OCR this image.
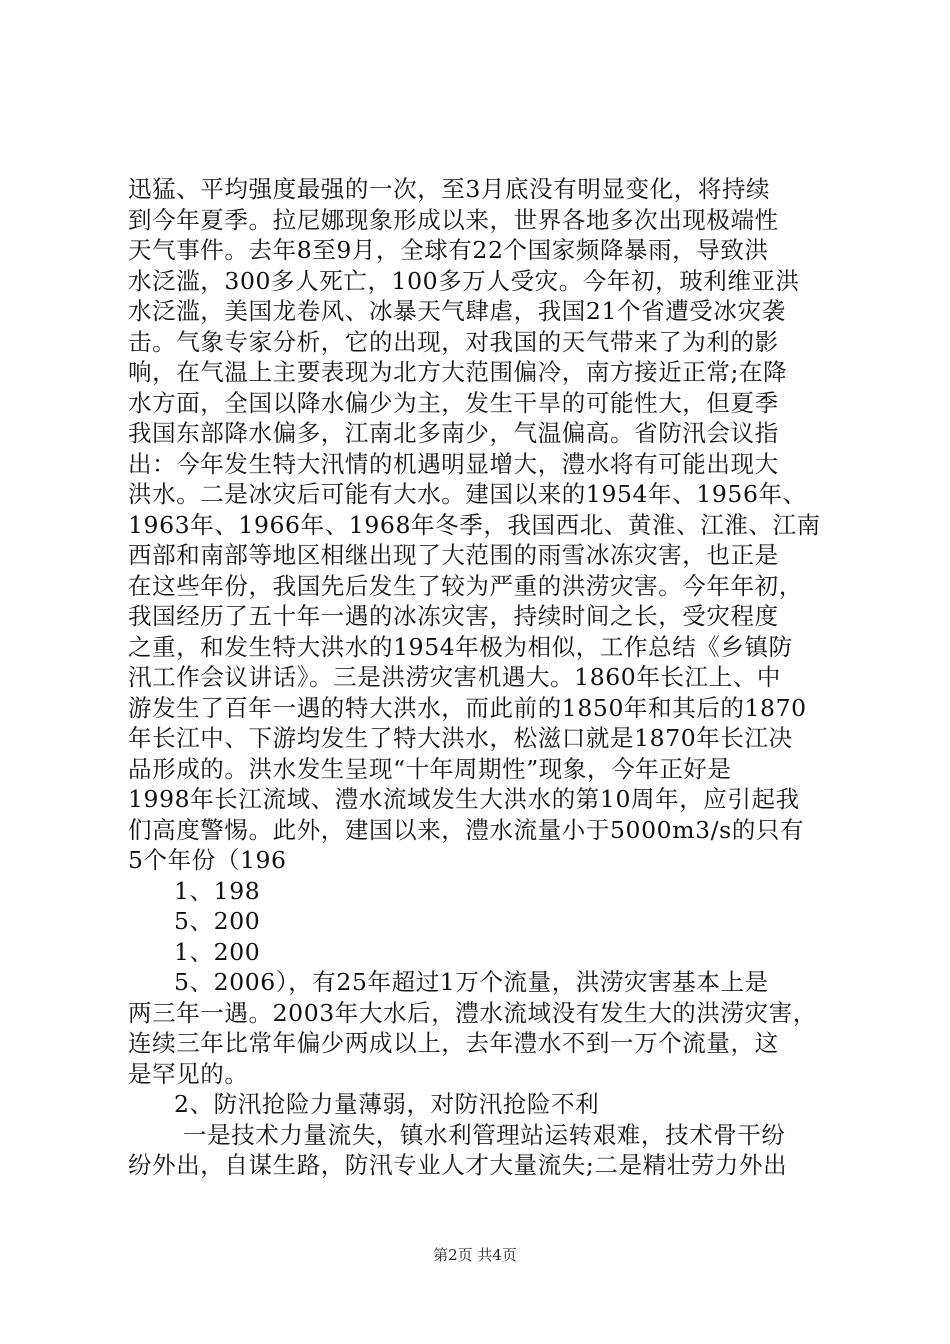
迅猛、平均强度最强的一次，至3月底没有明显变化，将持续
到今年夏季。拉尼娜现象形成以来，世界各地多次出现极端性
天气事件。去年8至9月，全球有22个国家频降暴雨，导致洪
水泛滥，300多人死亡，100多万人受灾。今年初，玻利维亚洪
水泛滥，美国龙卷风、冰暴天气肆虐，我国21个省遭受冰灾袭
击。气象专家分析，它的出现，对我国的天气带来了为利的影
响，在气温上主要表现为北方大范围偏冷，南方接近正常;在降
水方面，全国以降水偏少为主，发生干旱的可能性大，但夏季
我国东部降水偏多，江南北多南少，气温偏高。省防汛会议指
出：今年发生特大汛情的机遇明显增大，澧水将有可能出现大
洪水。二是冰灾后可能有大水。建国以来的1954年、1956年、
1963年、1966年、1968年冬季，我国西北、黄淮、江淮、江南
西部和南部等地区相继出现了大范围的雨雪冰冻灾害，也正是
在这些年份，我国先后发生了较为严重的洪涝灾害。今年年初，
我国经历了五十年一遇的冰冻灾害，持续时间之长，受灾程度
之重，和发生特大洪水的1954年极为相似，工作总结《乡镇防
汛工作会议讲话》。三是洪涝灾害机遇大。1860年长江上、中
游发生了百年一遇的特大洪水，而此前的1850年和其后的1870
年长江中、下游均发生了特大洪水，松滋口就是1870年长江决
品形成的。洪水发生呈现“十年周期性”现象，今年正好是
1998年长江流域、澧水流域发生大洪水的第10周年，应引起我
们高度警惕。此外，建国以来，澧水流量小于5000m3/s的只有
5个年份（196
1、198
5、200
1、200
5、2006），有25年超过1万个流量，洪涝灾害基本上是
两三年一遇。2003年大水后，澧水流域没有发生大的洪涝灾害，
连续三年比常年偏少两成以上，去年澧水不到一万个流量，这
是罕见的。
2、防汛抢险力量薄弱，对防汛抢险不利
一是技术力量流失，镇水利管理站运转艰难，技术骨干纷
纷外出，自谋生路，防汛专业人才大量流失;二是精壮劳力外出
第2页 共4页
